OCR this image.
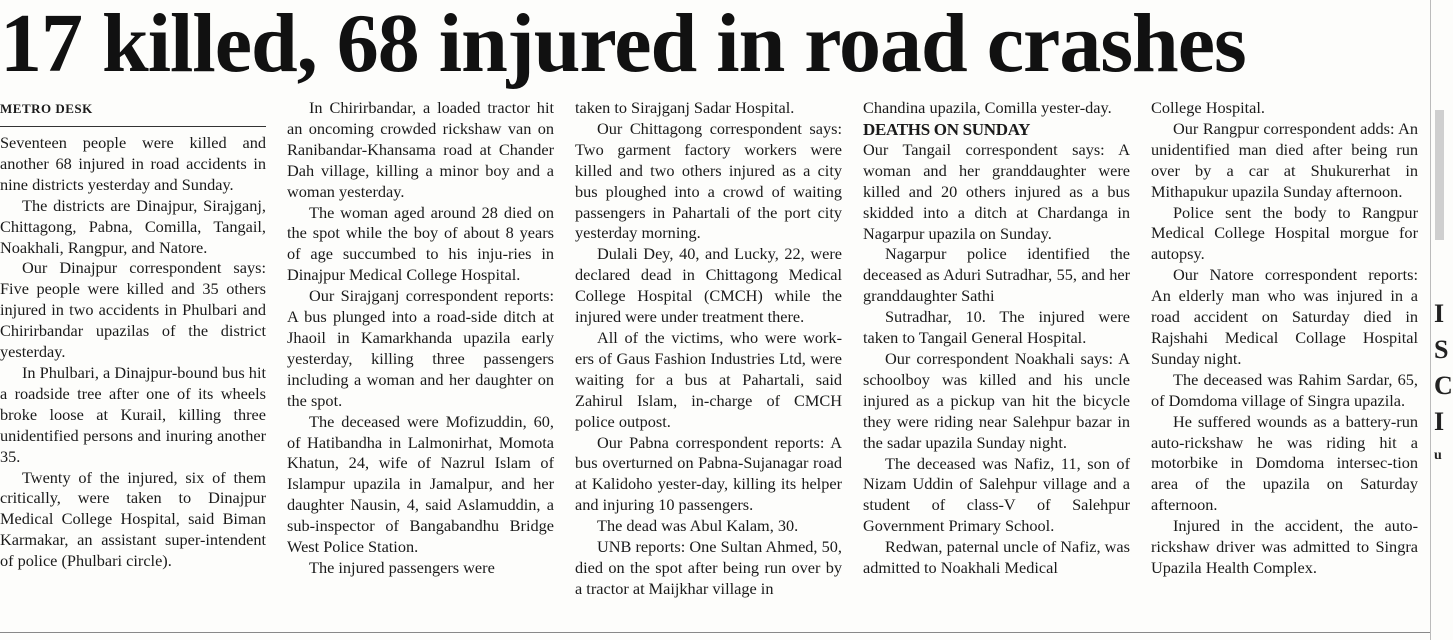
17 killed, 68 injured in road crashes
METRO DESK

Seventeen people were killed and another 68 injured in road accidents in nine districts yesterday and Sunday.

The districts are Dinajpur, Sirajganj, Chittagong, Pabna, Comilla, Tangail, Noakhali, Rangpur, and Natore.

Our Dinajpur correspondent says: Five people were killed and 35 others injured in two accidents in Phulbari and Chirirbandar upazilas of the district yesterday.

In Phulbari, a Dinajpur-bound bus hit a roadside tree after one of its wheels broke loose at Kurail, killing three unidentified persons and inuring another 35.

Twenty of the injured, six of them critically, were taken to Dinajpur Medical College Hospital, said Biman Karmakar, an assistant super-intendent of police (Phulbari circle).

In Chirirbandar, a loaded tractor hit an oncoming crowded rickshaw van on Ranibandar-Khansama road at Chander Dah village, killing a minor boy and a woman yesterday.

The woman aged around 28 died on the spot while the boy of about 8 years of age succumbed to his inju-ries in Dinajpur Medical College Hospital.

Our Sirajganj correspondent reports: A bus plunged into a road-side ditch at Jhaoil in Kamarkhanda upazila early yesterday, killing three passengers including a woman and her daughter on the spot.

The deceased were Mofizuddin, 60, of Hatibandha in Lalmonirhat, Momota Khatun, 24, wife of Nazrul Islam of Islampur upazila in Jamalpur, and her daughter Nausin, 4, said Aslamuddin, a sub-inspector of Bangabandhu Bridge West Police Station.

The injured passengers were

taken to Sirajganj Sadar Hospital.

Our Chittagong correspondent says: Two garment factory workers were killed and two others injured as a city bus ploughed into a crowd of waiting passengers in Pahartali of the port city yesterday morning.

Dulali Dey, 40, and Lucky, 22, were declared dead in Chittagong Medical College Hospital (CMCH) while the injured were under treatment there.

All of the victims, who were work-ers of Gaus Fashion Industries Ltd, were waiting for a bus at Pahartali, said Zahirul Islam, in-charge of CMCH police outpost.

Our Pabna correspondent reports: A bus overturned on Pabna-Sujanagar road at Kalidoho yester-day, killing its helper and injuring 10 passengers.

The dead was Abul Kalam, 30.

UNB reports: One Sultan Ahmed, 50, died on the spot after being run over by a tractor at Maijkhar village in

Chandina upazila, Comilla yester-day.

DEATHS ON SUNDAY

Our Tangail correspondent says: A woman and her granddaughter were killed and 20 others injured as a bus skidded into a ditch at Chardanga in Nagarpur upazila on Sunday.

Nagarpur police identified the deceased as Aduri Sutradhar, 55, and her granddaughter Sathi

Sutradhar, 10. The injured were taken to Tangail General Hospital.

Our correspondent Noakhali says: A schoolboy was killed and his uncle injured as a pickup van hit the bicycle they were riding near Salehpur bazar in the sadar upazila Sunday night.

The deceased was Nafiz, 11, son of Nizam Uddin of Salehpur village and a student of class-V of Salehpur Government Primary School.

Redwan, paternal uncle of Nafiz, was admitted to Noakhali Medical

College Hospital.

Our Rangpur correspondent adds: An unidentified man died after being run over by a car at Shukurerhat in Mithapukur upazila Sunday afternoon.

Police sent the body to Rangpur Medical College Hospital morgue for autopsy.

Our Natore correspondent reports: An elderly man who was injured in a road accident on Saturday died in Rajshahi Medical Collage Hospital Sunday night.

The deceased was Rahim Sardar, 65, of Domdoma village of Singra upazila.

He suffered wounds as a battery-run auto-rickshaw he was riding hit a motorbike in Domdoma intersec-tion area of the upazila on Saturday afternoon.

Injured in the accident, the auto-rickshaw driver was admitted to Singra Upazila Health Complex.

I
S
C
I
u
